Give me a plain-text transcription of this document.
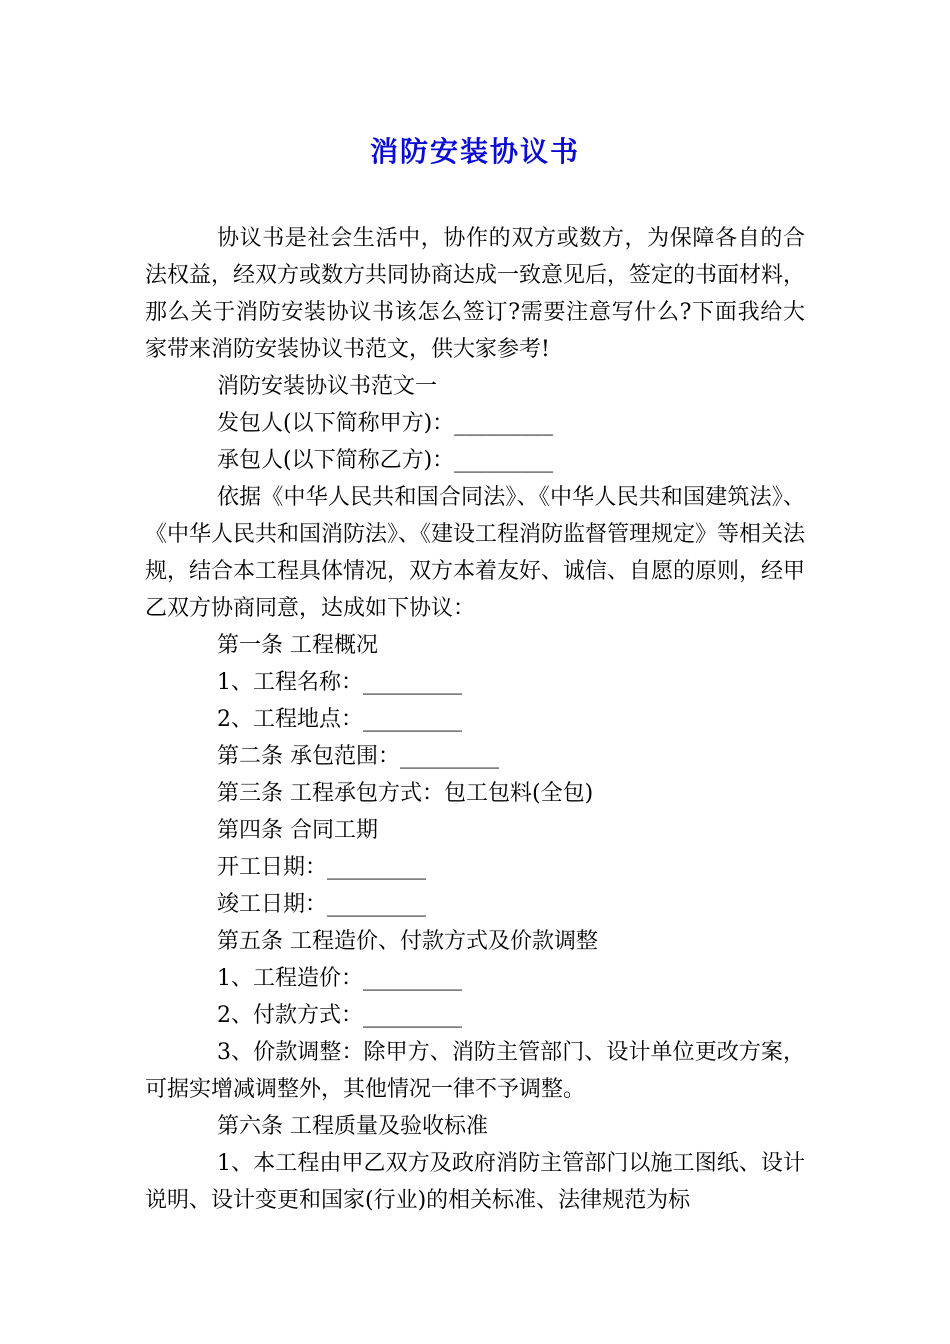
消防安装协议书

协议书是社会生活中，协作的双方或数方，为保障各自的合法权益，经双方或数方共同协商达成一致意见后，签定的书面材料，那么关于消防安装协议书该怎么签订?需要注意写什么?下面我给大家带来消防安装协议书范文，供大家参考!

消防安装协议书范文一

发包人(以下简称甲方)：_________

承包人(以下简称乙方)：_________

依据《中华人民共和国合同法》、《中华人民共和国建筑法》、《中华人民共和国消防法》、《建设工程消防监督管理规定》等相关法规，结合本工程具体情况，双方本着友好、诚信、自愿的原则，经甲乙双方协商同意，达成如下协议：

第一条 工程概况

1、工程名称：_________

2、工程地点：_________

第二条 承包范围：_________

第三条 工程承包方式：包工包料(全包)

第四条 合同工期

开工日期：_________

竣工日期：_________

第五条 工程造价、付款方式及价款调整

1、工程造价：_________

2、付款方式：_________

3、价款调整：除甲方、消防主管部门、设计单位更改方案，可据实增减调整外，其他情况一律不予调整。

第六条 工程质量及验收标准

1、本工程由甲乙双方及政府消防主管部门以施工图纸、设计说明、设计变更和国家(行业)的相关标准、法律规范为标
